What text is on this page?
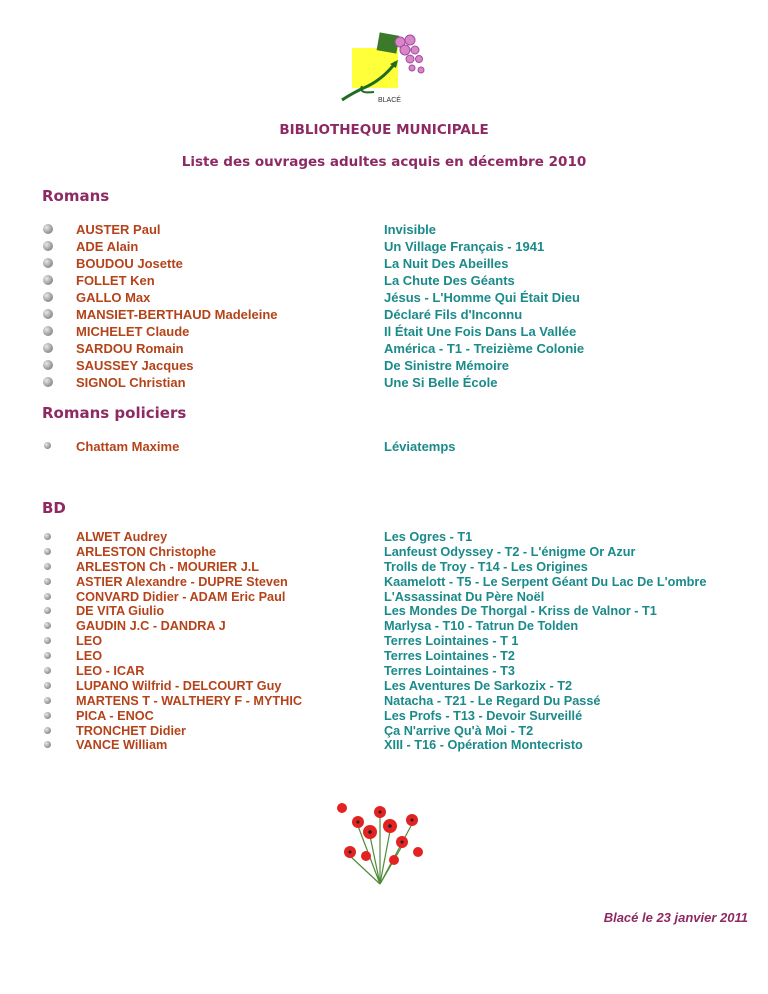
BLACÉ
BIBLIOTHEQUE MUNICIPALE
Liste des ouvrages adultes acquis en décembre 2010
Romans
AUSTER Paul	Invisible
ADE Alain	Un Village Français - 1941
BOUDOU Josette	La Nuit Des Abeilles
FOLLET Ken	La Chute Des Géants
GALLO Max	Jésus - L'Homme Qui Était Dieu
MANSIET-BERTHAUD Madeleine	Déclaré Fils d'Inconnu
MICHELET Claude	Il Était Une Fois Dans La Vallée
SARDOU Romain	América - T1 - Treizième Colonie
SAUSSEY Jacques	De Sinistre Mémoire
SIGNOL Christian	Une Si Belle École
Romans policiers
Chattam Maxime	Léviatemps
BD
ALWET Audrey	Les Ogres - T1
ARLESTON Christophe	Lanfeust Odyssey - T2 - L'énigme Or Azur
ARLESTON Ch - MOURIER J.L	Trolls de Troy - T14 - Les Origines
ASTIER Alexandre - DUPRE Steven	Kaamelott - T5 - Le Serpent Géant Du Lac De L'ombre
CONVARD Didier - ADAM Eric Paul	L'Assassinat Du Père Noël
DE VITA Giulio	Les Mondes De Thorgal - Kriss de Valnor - T1
GAUDIN J.C - DANDRA J	Marlysa - T10 - Tatrun De Tolden
LEO	Terres Lointaines - T 1
LEO	Terres Lointaines - T2
LEO - ICAR	Terres Lointaines - T3
LUPANO Wilfrid - DELCOURT Guy	Les Aventures De Sarkozix - T2
MARTENS T - WALTHERY F - MYTHIC	Natacha - T21 - Le Regard Du Passé
PICA - ENOC	Les Profs - T13 - Devoir Surveillé
TRONCHET Didier	Ça N'arrive Qu'à Moi - T2
VANCE William	XIII - T16 - Opération Montecristo
Blacé le 23 janvier 2011
